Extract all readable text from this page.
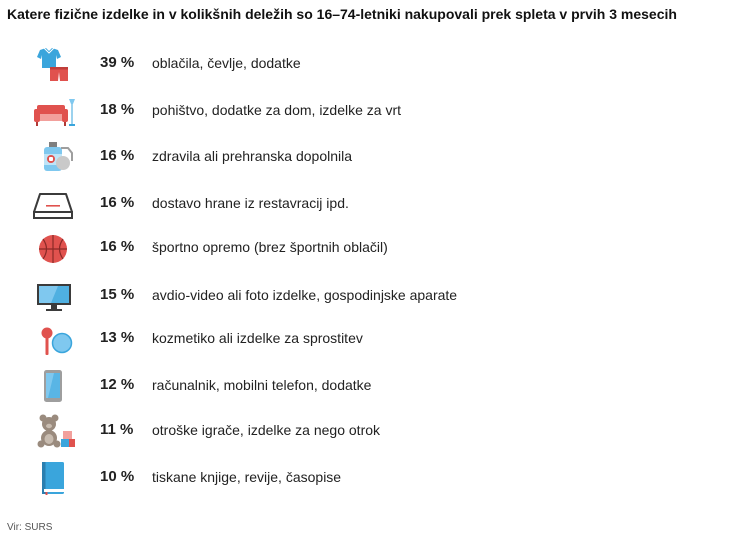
Katere fizične izdelke in v kolikšnih deležih so 16–74-letniki nakupovali prek spleta v prvih 3 mesecih
39 %	oblačila, čevlje, dodatke
18 %	pohištvo, dodatke za dom, izdelke za vrt
16 %	zdravila ali prehranska dopolnila
16 %	dostavo hrane iz restavracij ipd.
16 %	športno opremo (brez športnih oblačil)
15 %	avdio-video ali foto izdelke, gospodinjske aparate
13 %	kozmetiko ali izdelke za sprostitev
12 %	računalnik, mobilni telefon, dodatke
11 %	otroške igrače, izdelke za nego otrok
10 %	tiskane knjige, revije, časopise
Vir: SURS
